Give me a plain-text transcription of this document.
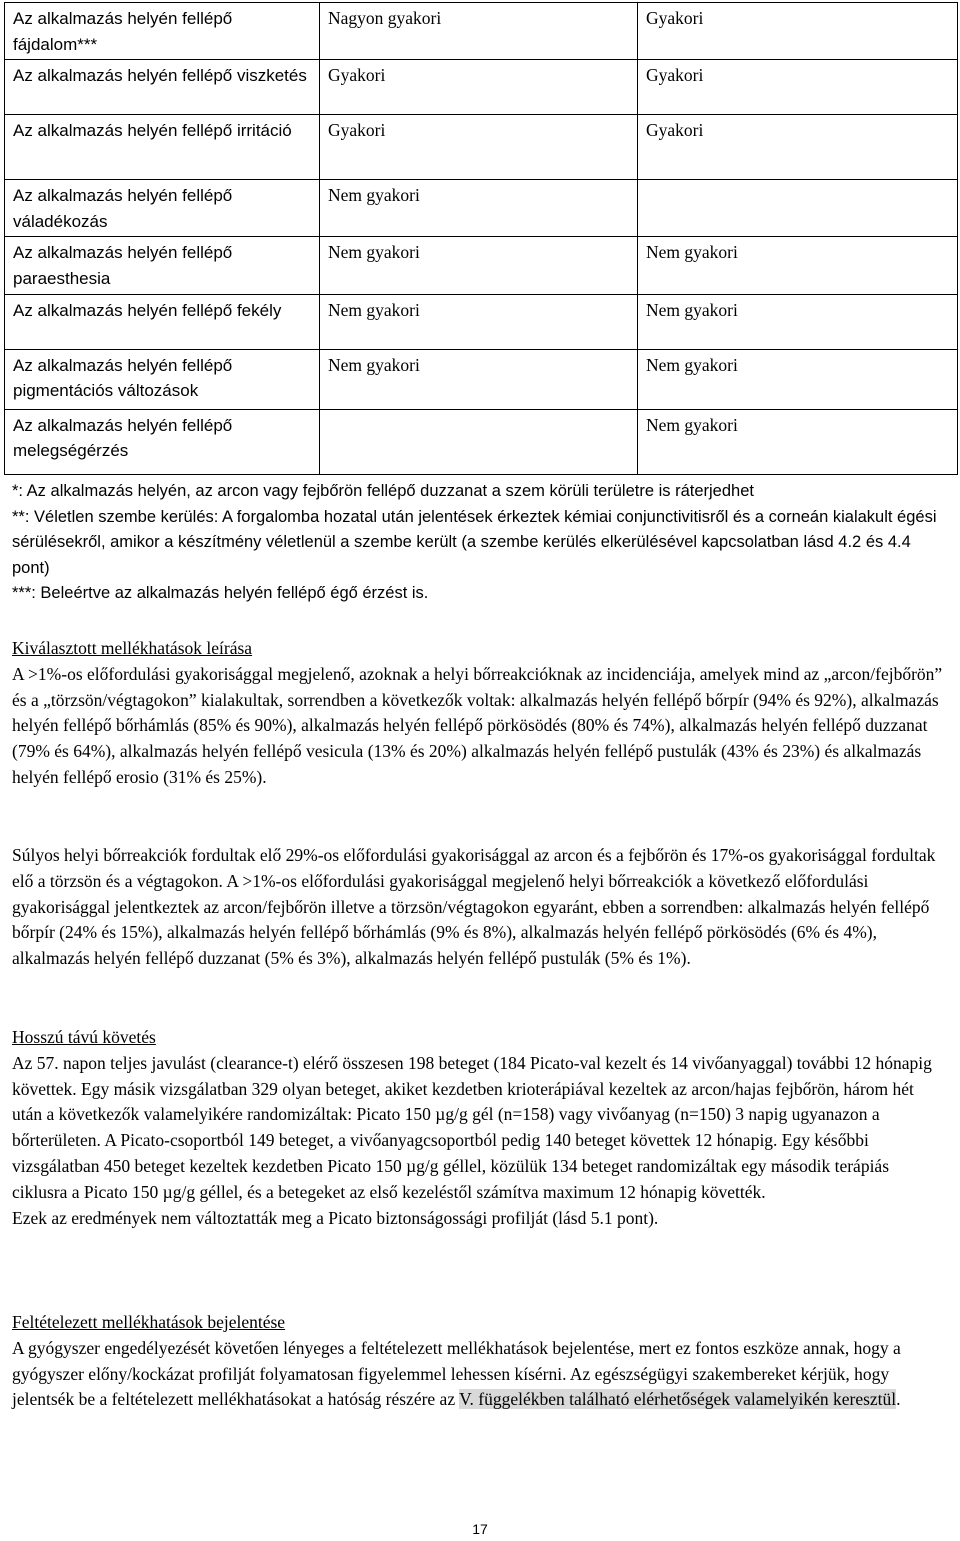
Az alkalmazás helyén fellépő fájdalom***	Nagyon gyakori	Gyakori
Az alkalmazás helyén fellépő viszketés	Gyakori	Gyakori
Az alkalmazás helyén fellépő irritáció	Gyakori	Gyakori
Az alkalmazás helyén fellépő váladékozás	Nem gyakori	
Az alkalmazás helyén fellépő paraesthesia	Nem gyakori	Nem gyakori
Az alkalmazás helyén fellépő fekély	Nem gyakori	Nem gyakori
Az alkalmazás helyén fellépő pigmentációs változások	Nem gyakori	Nem gyakori
Az alkalmazás helyén fellépő melegségérzés		Nem gyakori

*: Az alkalmazás helyén, az arcon vagy fejbőrön fellépő duzzanat a szem körüli területre is ráterjedhet

**: Véletlen szembe kerülés: A forgalomba hozatal után jelentések érkeztek kémiai conjunctivitisről és a corneán kialakult égési sérülésekről, amikor a készítmény véletlenül a szembe került (a szembe kerülés elkerülésével kapcsolatban lásd 4.2 és 4.4 pont)

***: Beleértve az alkalmazás helyén fellépő égő érzést is.

Kiválasztott mellékhatások leírása

A >1%-os előfordulási gyakorisággal megjelenő, azoknak a helyi bőrreakcióknak az incidenciája, amelyek mind az „arcon/fejbőrön” és a „törzsön/végtagokon” kialakultak, sorrendben a következők voltak: alkalmazás helyén fellépő bőrpír (94% és 92%), alkalmazás helyén fellépő bőrhámlás (85% és 90%), alkalmazás helyén fellépő pörkösödés (80% és 74%), alkalmazás helyén fellépő duzzanat (79% és 64%), alkalmazás helyén fellépő vesicula (13% és 20%) alkalmazás helyén fellépő pustulák (43% és 23%) és alkalmazás helyén fellépő erosio (31% és 25%).

Súlyos helyi bőrreakciók fordultak elő 29%-os előfordulási gyakorisággal az arcon és a fejbőrön és 17%-os gyakorisággal fordultak elő a törzsön és a végtagokon. A >1%-os előfordulási gyakorisággal megjelenő helyi bőrreakciók a következő előfordulási gyakorisággal jelentkeztek az arcon/fejbőrön illetve a törzsön/végtagokon egyaránt, ebben a sorrendben: alkalmazás helyén fellépő bőrpír (24% és 15%), alkalmazás helyén fellépő bőrhámlás (9% és 8%), alkalmazás helyén fellépő pörkösödés (6% és 4%), alkalmazás helyén fellépő duzzanat (5% és 3%), alkalmazás helyén fellépő pustulák (5% és 1%).

Hosszú távú követés

Az 57. napon teljes javulást (clearance-t) elérő összesen 198 beteget (184 Picato-val kezelt és 14 vivőanyaggal) további 12 hónapig követtek. Egy másik vizsgálatban 329 olyan beteget, akiket kezdetben krioterápiával kezeltek az arcon/hajas fejbőrön, három hét után a következők valamelyikére randomizáltak: Picato 150 µg/g gél (n=158) vagy vivőanyag (n=150) 3 napig ugyanazon a bőrterületen. A Picato-csoportból 149 beteget, a vivőanyagcsoportból pedig 140 beteget követtek 12 hónapig. Egy későbbi vizsgálatban 450 beteget kezeltek kezdetben Picato 150 µg/g géllel, közülük 134 beteget randomizáltak egy második terápiás ciklusra a Picato 150 µg/g géllel, és a betegeket az első kezeléstől számítva maximum 12 hónapig követték.

Ezek az eredmények nem változtatták meg a Picato biztonságossági profilját (lásd 5.1 pont).

Feltételezett mellékhatások bejelentése

A gyógyszer engedélyezését követően lényeges a feltételezett mellékhatások bejelentése, mert ez fontos eszköze annak, hogy a gyógyszer előny/kockázat profilját folyamatosan figyelemmel lehessen kísérni. Az egészségügyi szakembereket kérjük, hogy jelentsék be a feltételezett mellékhatásokat a hatóság részére az V. függelékben található elérhetőségek valamelyikén keresztül.

17
